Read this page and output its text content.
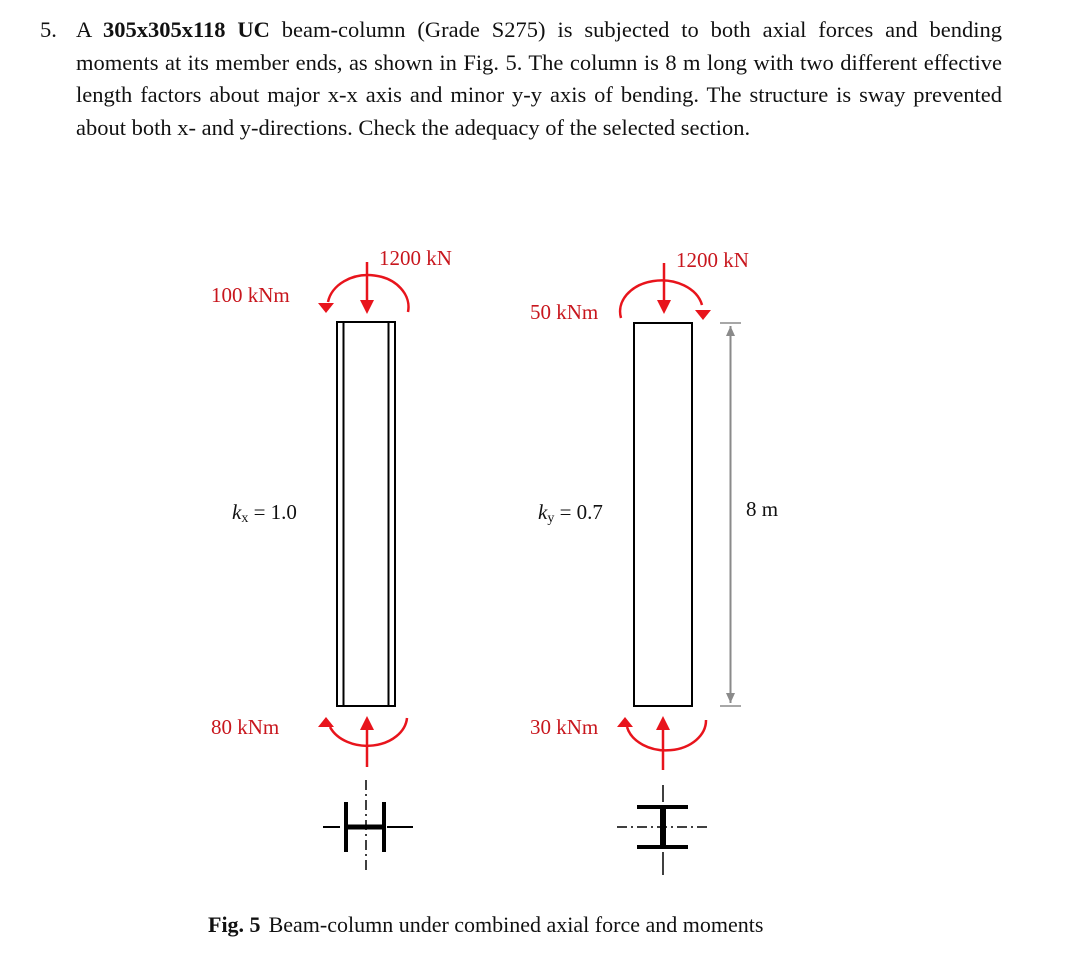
5. A 305x305x118 UC beam-column (Grade S275) is subjected to both axial forces and bending moments at its member ends, as shown in Fig. 5. The column is 8 m long with two different effective length factors about major x-x axis and minor y-y axis of bending. The structure is sway prevented about both x- and y-directions. Check the adequacy of the selected section.
1200 kN
100 kNm
$k_x = 1.0$
80 kNm
1200 kN
50 kNm
$k_y = 0.7$
30 kNm
8 m
Fig. 5 Beam-column under combined axial force and moments
